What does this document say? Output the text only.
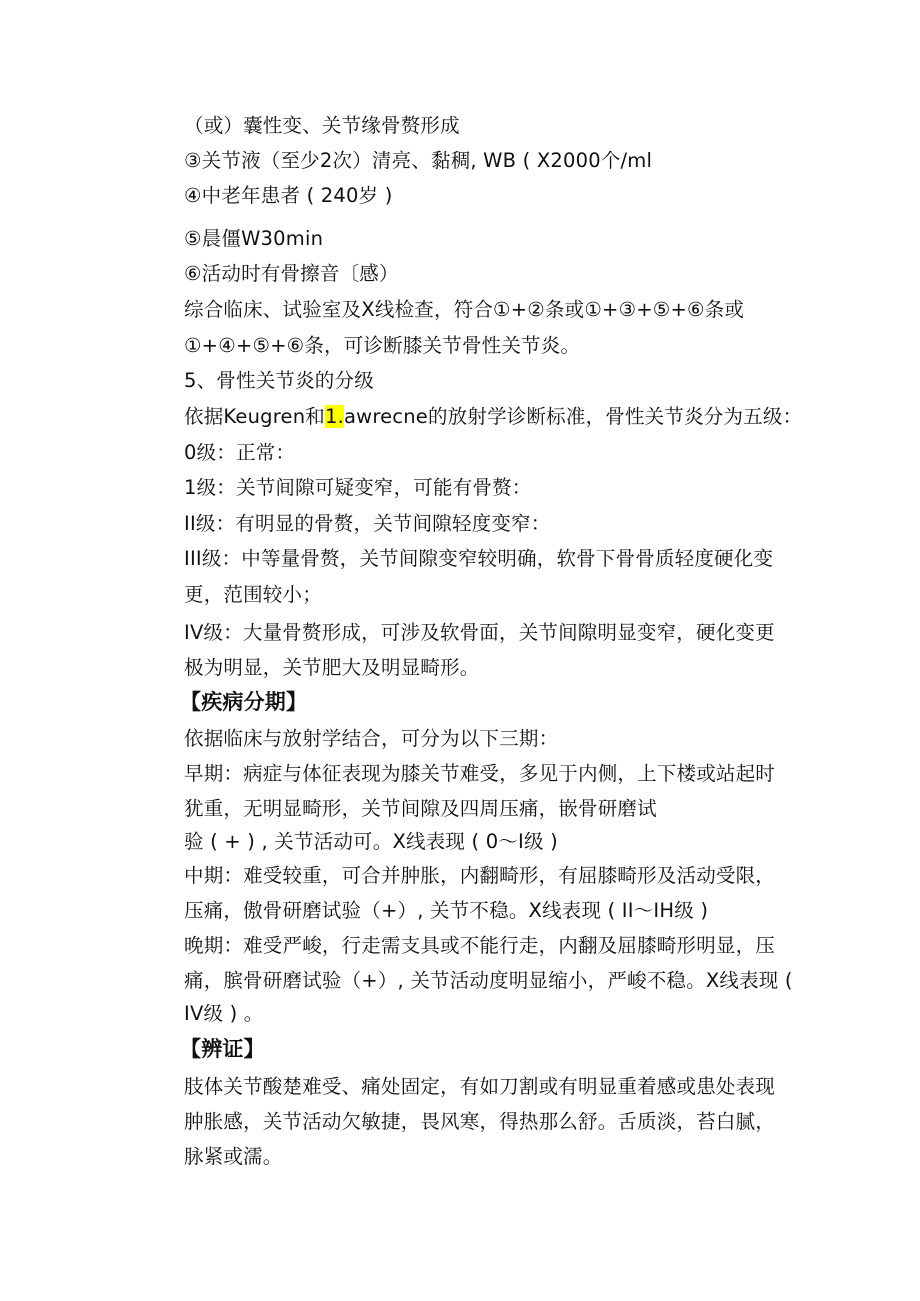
（或）囊性变、关节缘骨赘形成
③关节液（至少2次）清亮、黏稠, WB ( X2000个/ml
④中老年患者 ( 240岁 )
⑤晨僵W30min
⑥活动时有骨擦音〔感）
综合临床、试验室及X线检查，符合①+②条或①+③+⑤+⑥条或
①+④+⑤+⑥条，可诊断膝关节骨性关节炎。
5、骨性关节炎的分级
依据Keugren和1.awrecne的放射学诊断标准，骨性关节炎分为五级：
0级：正常：
1级：关节间隙可疑变窄，可能有骨赘：
II级：有明显的骨赘，关节间隙轻度变窄：
III级：中等量骨赘，关节间隙变窄较明确，软骨下骨骨质轻度硬化变
更，范围较小；
IV级：大量骨赘形成，可涉及软骨面，关节间隙明显变窄，硬化变更
极为明显，关节肥大及明显畸形。
【疾病分期】
依据临床与放射学结合，可分为以下三期：
早期：病症与体征表现为膝关节难受，多见于内侧，上下楼或站起时
犹重，无明显畸形，关节间隙及四周压痛，嵌骨研磨试
验 ( + ) , 关节活动可。X线表现 ( 0〜I级 )
中期：难受较重，可合并肿胀，内翻畸形，有屈膝畸形及活动受限，
压痛，傲骨研磨试验（+）, 关节不稳。X线表现 ( II〜IH级 )
晚期：难受严峻，行走需支具或不能行走，内翻及屈膝畸形明显，压
痛，膑骨研磨试验（+）, 关节活动度明显缩小，严峻不稳。X线表现 (
IV级 ) 。
【辨证】
肢体关节酸楚难受、痛处固定，有如刀割或有明显重着感或患处表现
肿胀感，关节活动欠敏捷，畏风寒，得热那么舒。舌质淡，苔白腻，
脉紧或濡。
